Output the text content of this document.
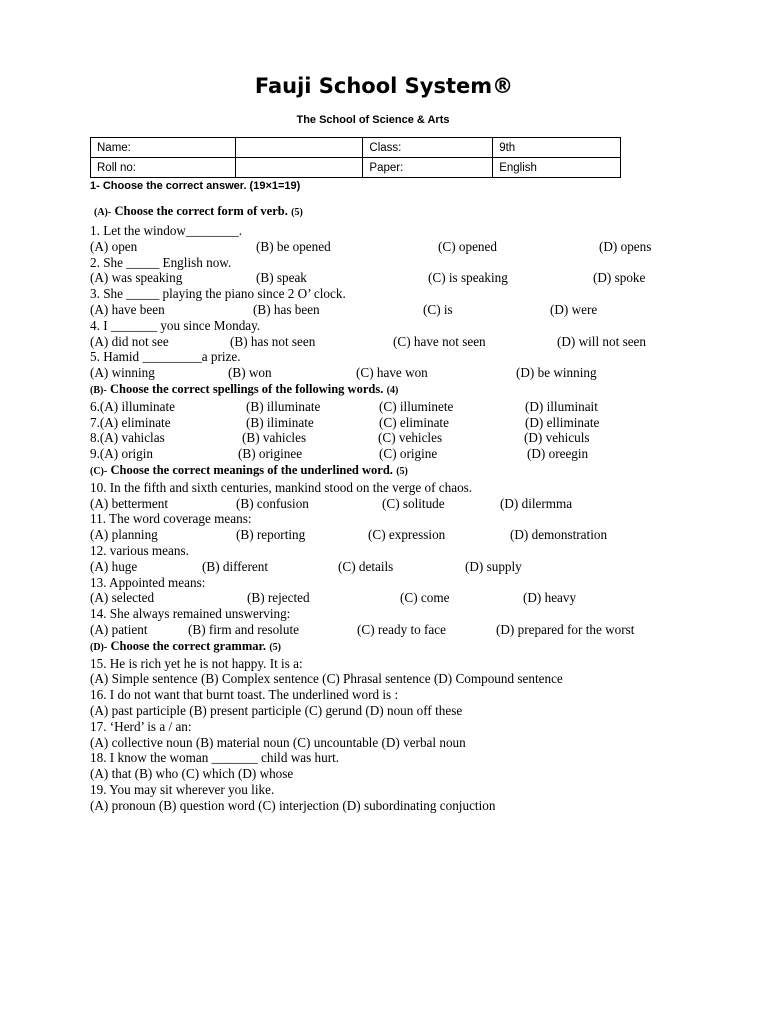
Fauji School System®
The School of Science & Arts
Name:		Class:	9th
Roll no:		Paper:	English
1- Choose the correct answer. (19×1=19)
(A)- Choose the correct form of verb. (5)
1. Let the window________.
(A) open	(B) be opened	(C) opened	(D) opens
2. She _____ English now.
(A) was speaking	(B) speak	(C) is speaking	(D) spoke
3. She _____ playing the piano since 2 O’ clock.
(A) have been	(B) has been	(C) is	(D) were
4. I _______ you since Monday.
(A) did not see	(B) has not seen	(C) have not seen	(D) will not seen
5. Hamid _________a prize.
(A) winning	(B) won	(C) have won	(D) be winning
(B)- Choose the correct spellings of the following words. (4)
6.(A) illuminate	(B) illuminate	(C) illuminete	(D) illuminait
7.(A) eliminate	(B) iliminate	(C) eliminate	(D) elliminate
8.(A) vahiclas	(B) vahicles	(C) vehicles	(D) vehiculs
9.(A) origin	(B) originee	(C) origine	(D) oreegin
(C)- Choose the correct meanings of the underlined word. (5)
10. In the fifth and sixth centuries, mankind stood on the verge of chaos.
(A) betterment	(B) confusion	(C) solitude	(D) dilermma
11. The word coverage means:
(A) planning	(B) reporting	(C) expression	(D) demonstration
12. various means.
(A) huge	(B) different	(C) details	(D) supply
13. Appointed means:
(A) selected	(B) rejected	(C) come	(D) heavy
14. She always remained unswerving:
(A) patient	(B) firm and resolute	(C) ready to face	(D) prepared for the worst
(D)- Choose the correct grammar. (5)
15. He is rich yet he is not happy. It is a:
(A) Simple sentence (B) Complex sentence (C) Phrasal sentence (D) Compound sentence
16. I do not want that burnt toast. The underlined word is :
(A) past participle (B) present participle (C) gerund (D) noun off these
17. ‘Herd’ is a / an:
(A) collective noun (B) material noun (C) uncountable (D) verbal noun
18. I know the woman _______ child was hurt.
(A) that (B) who (C) which (D) whose
19. You may sit wherever you like.
(A) pronoun (B) question word (C) interjection (D) subordinating conjuction
